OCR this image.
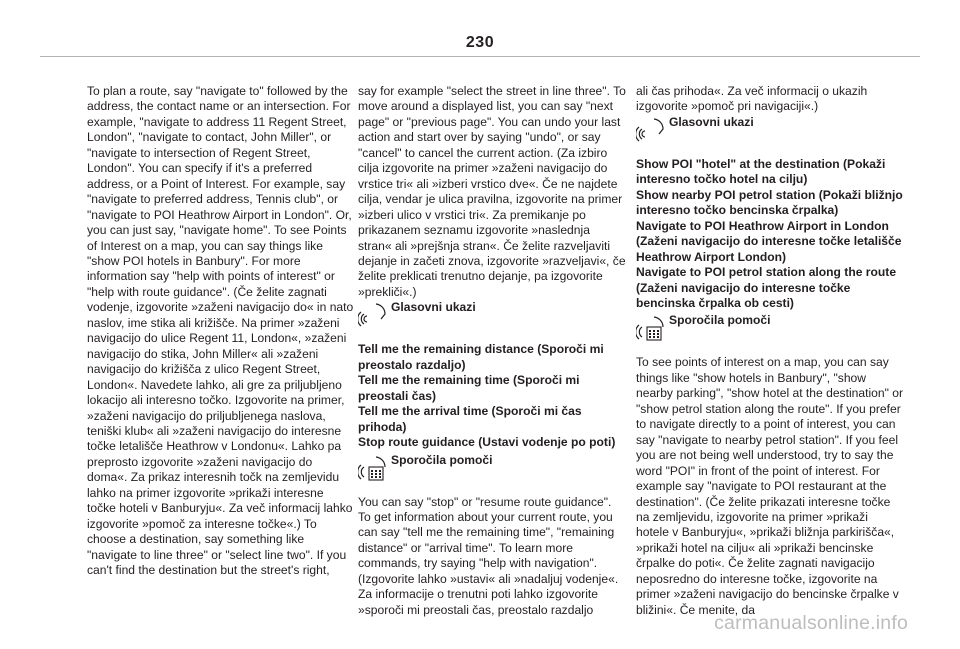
230

To plan a route, say "navigate to" followed by the address, the contact name or an intersection. For example, "navigate to address 11 Regent Street, London", "navigate to contact, John Miller", or "navigate to intersection of Regent Street, London". You can specify if it's a preferred address, or a Point of Interest. For example, say "navigate to preferred address, Tennis club", or "navigate to POI Heathrow Airport in London". Or, you can just say, "navigate home". To see Points of Interest on a map, you can say things like "show POI hotels in Banbury". For more information say "help with points of interest" or "help with route guidance". (Če želite zagnati vodenje, izgovorite »zaženi navigacijo do« in nato naslov, ime stika ali križišče. Na primer »zaženi navigacijo do ulice Regent 11, London«, »zaženi navigacijo do stika, John Miller« ali »zaženi navigacijo do križišča z ulico Regent Street, London«. Navedete lahko, ali gre za priljubljeno lokacijo ali interesno točko. Izgovorite na primer, »zaženi navigacijo do priljubljenega naslova, teniški klub« ali »zaženi navigacijo do interesne točke letališče Heathrow v Londonu«. Lahko pa preprosto izgovorite »zaženi navigacijo do doma«. Za prikaz interesnih točk na zemljevidu lahko na primer izgovorite »prikaži interesne točke hoteli v Banburyju«. Za več informacij lahko izgovorite »pomoč za interesne točke«.) To choose a destination, say something like "navigate to line three" or "select line two". If you can't find the destination but the street's right,

say for example "select the street in line three". To move around a displayed list, you can say "next page" or "previous page". You can undo your last action and start over by saying "undo", or say "cancel" to cancel the current action. (Za izbiro cilja izgovorite na primer »zaženi navigacijo do vrstice tri« ali »izberi vrstico dve«. Če ne najdete cilja, vendar je ulica pravilna, izgovorite na primer »izberi ulico v vrstici tri«. Za premikanje po prikazanem seznamu izgovorite »naslednja stran« ali »prejšnja stran«. Če želite razveljaviti dejanje in začeti znova, izgovorite »razveljavi«, če želite preklicati trenutno dejanje, pa izgovorite »prekliči«.)

Glasovni ukazi
Tell me the remaining distance (Sporoči mi preostalo razdaljo)
Tell me the remaining time (Sporoči mi preostali čas)
Tell me the arrival time (Sporoči mi čas prihoda)
Stop route guidance (Ustavi vodenje po poti)
Sporočila pomoči

You can say "stop" or "resume route guidance". To get information about your current route, you can say "tell me the remaining time", "remaining distance" or "arrival time". To learn more commands, try saying "help with navigation". (Izgovorite lahko »ustavi« ali »nadaljuj vodenje«. Za informacije o trenutni poti lahko izgovorite »sporoči mi preostali čas, preostalo razdaljo

ali čas prihoda«. Za več informacij o ukazih izgovorite »pomoč pri navigaciji«.)

Glasovni ukazi
Show POI "hotel" at the destination (Pokaži interesno točko hotel na cilju)
Show nearby POI petrol station (Pokaži bližnjo interesno točko bencinska črpalka)
Navigate to POI Heathrow Airport in London (Zaženi navigacijo do interesne točke letališče Heathrow Airport London)
Navigate to POI petrol station along the route (Zaženi navigacijo do interesne točke bencinska črpalka ob cesti)
Sporočila pomoči

To see points of interest on a map, you can say things like "show hotels in Banbury", "show nearby parking", "show hotel at the destination" or "show petrol station along the route". If you prefer to navigate directly to a point of interest, you can say "navigate to nearby petrol station". If you feel you are not being well understood, try to say the word "POI" in front of the point of interest. For example say "navigate to POI restaurant at the destination". (Če želite prikazati interesne točke na zemljevidu, izgovorite na primer »prikaži hotele v Banburyju«, »prikaži bližnja parkirišča«, »prikaži hotel na cilju« ali »prikaži bencinske črpalke do poti«. Če želite zagnati navigacijo neposredno do interesne točke, izgovorite na primer »zaženi navigacijo do bencinske črpalke v bližini«. Če menite, da

carmanualsonline.info
